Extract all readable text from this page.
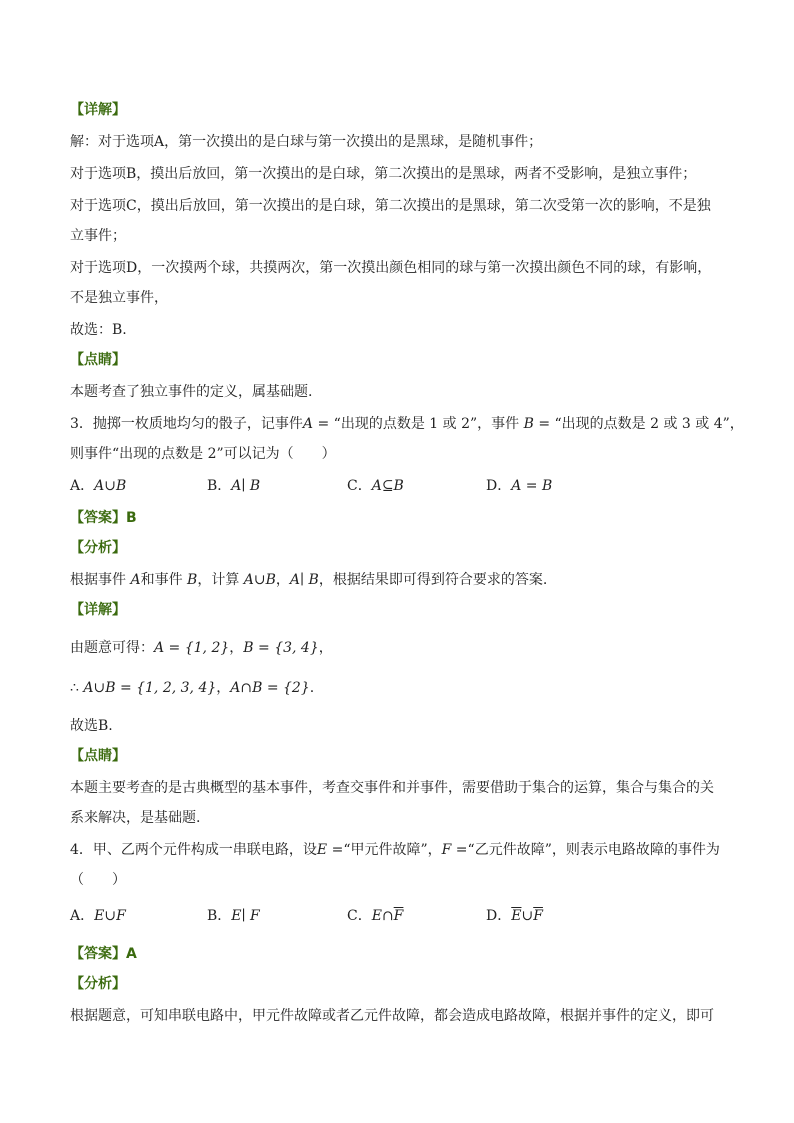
【详解】
解：对于选项A，第一次摸出的是白球与第一次摸出的是黑球，是随机事件；
对于选项B，摸出后放回，第一次摸出的是白球，第二次摸出的是黑球，两者不受影响，是独立事件；
对于选项C，摸出后放回，第一次摸出的是白球，第二次摸出的是黑球，第二次受第一次的影响，不是独
立事件；
对于选项D，一次摸两个球，共摸两次，第一次摸出颜色相同的球与第一次摸出颜色不同的球，有影响，
不是独立事件，
故选：B.
【点睛】
本题考查了独立事件的定义，属基础题.
3．抛掷一枚质地均匀的骰子，记事件A = “出现的点数是 1 或 2”，事件 B = “出现的点数是 2 或 3 或 4”，
则事件“出现的点数是 2”可以记为（　　）
A．A∪B	B．A∣ B	C．A⊆B	D．A = B
【答案】B
【分析】
根据事件 A和事件 B，计算 A∪B，A∣ B，根据结果即可得到符合要求的答案.
【详解】
由题意可得：A = {1, 2}，B = {3, 4}，
∴ A∪B = {1, 2, 3, 4}，A∩B = {2}.
故选B.
【点睛】
本题主要考查的是古典概型的基本事件，考查交事件和并事件，需要借助于集合的运算，集合与集合的关
系来解决，是基础题.
4．甲、乙两个元件构成一串联电路，设E =“甲元件故障”，F =“乙元件故障”，则表示电路故障的事件为
（　　）
A．E∪F	B．E∣ F	C．$E\cap\overline{F}$	D．$\overline{E}\cup\overline{F}$
【答案】A
【分析】
根据题意，可知串联电路中，甲元件故障或者乙元件故障，都会造成电路故障，根据并事件的定义，即可
